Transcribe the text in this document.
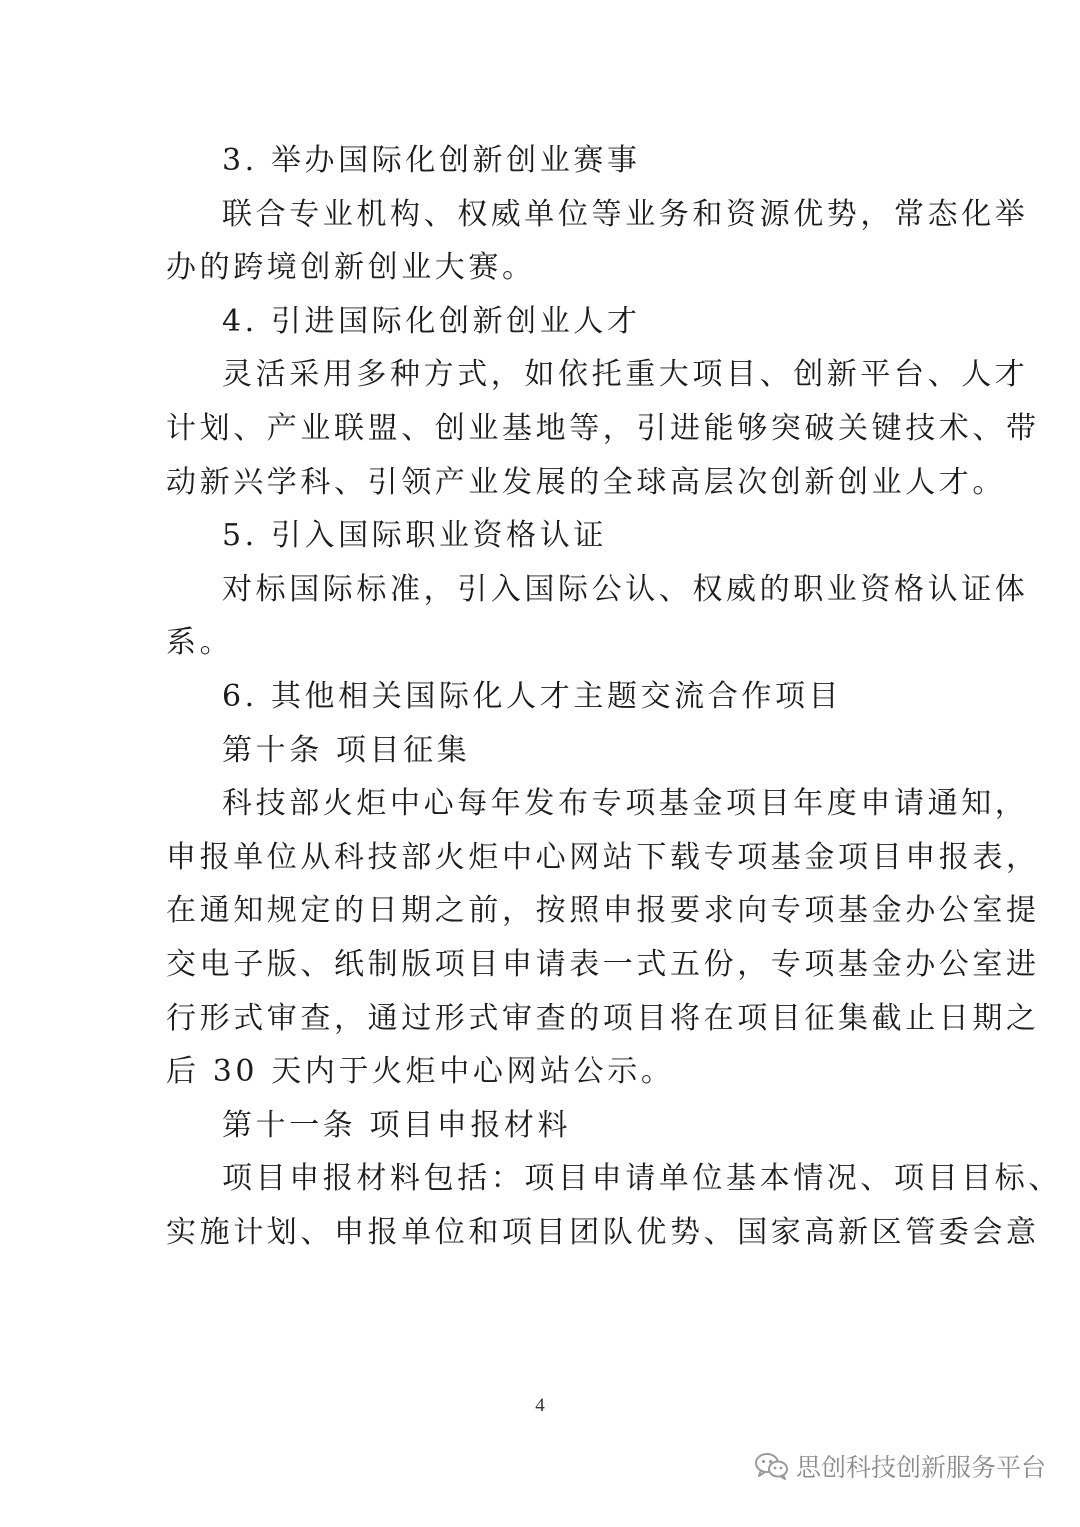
3. 举办国际化创新创业赛事
联合专业机构、权威单位等业务和资源优势，常态化举
办的跨境创新创业大赛。
4. 引进国际化创新创业人才
灵活采用多种方式，如依托重大项目、创新平台、人才
计划、产业联盟、创业基地等，引进能够突破关键技术、带
动新兴学科、引领产业发展的全球高层次创新创业人才。
5. 引入国际职业资格认证
对标国际标准，引入国际公认、权威的职业资格认证体
系。
6. 其他相关国际化人才主题交流合作项目
第十条 项目征集
科技部火炬中心每年发布专项基金项目年度申请通知，
申报单位从科技部火炬中心网站下载专项基金项目申报表，
在通知规定的日期之前，按照申报要求向专项基金办公室提
交电子版、纸制版项目申请表一式五份，专项基金办公室进
行形式审查，通过形式审查的项目将在项目征集截止日期之
后 30 天内于火炬中心网站公示。
第十一条 项目申报材料
项目申报材料包括：项目申请单位基本情况、项目目标、
实施计划、申报单位和项目团队优势、国家高新区管委会意
4
思创科技创新服务平台
